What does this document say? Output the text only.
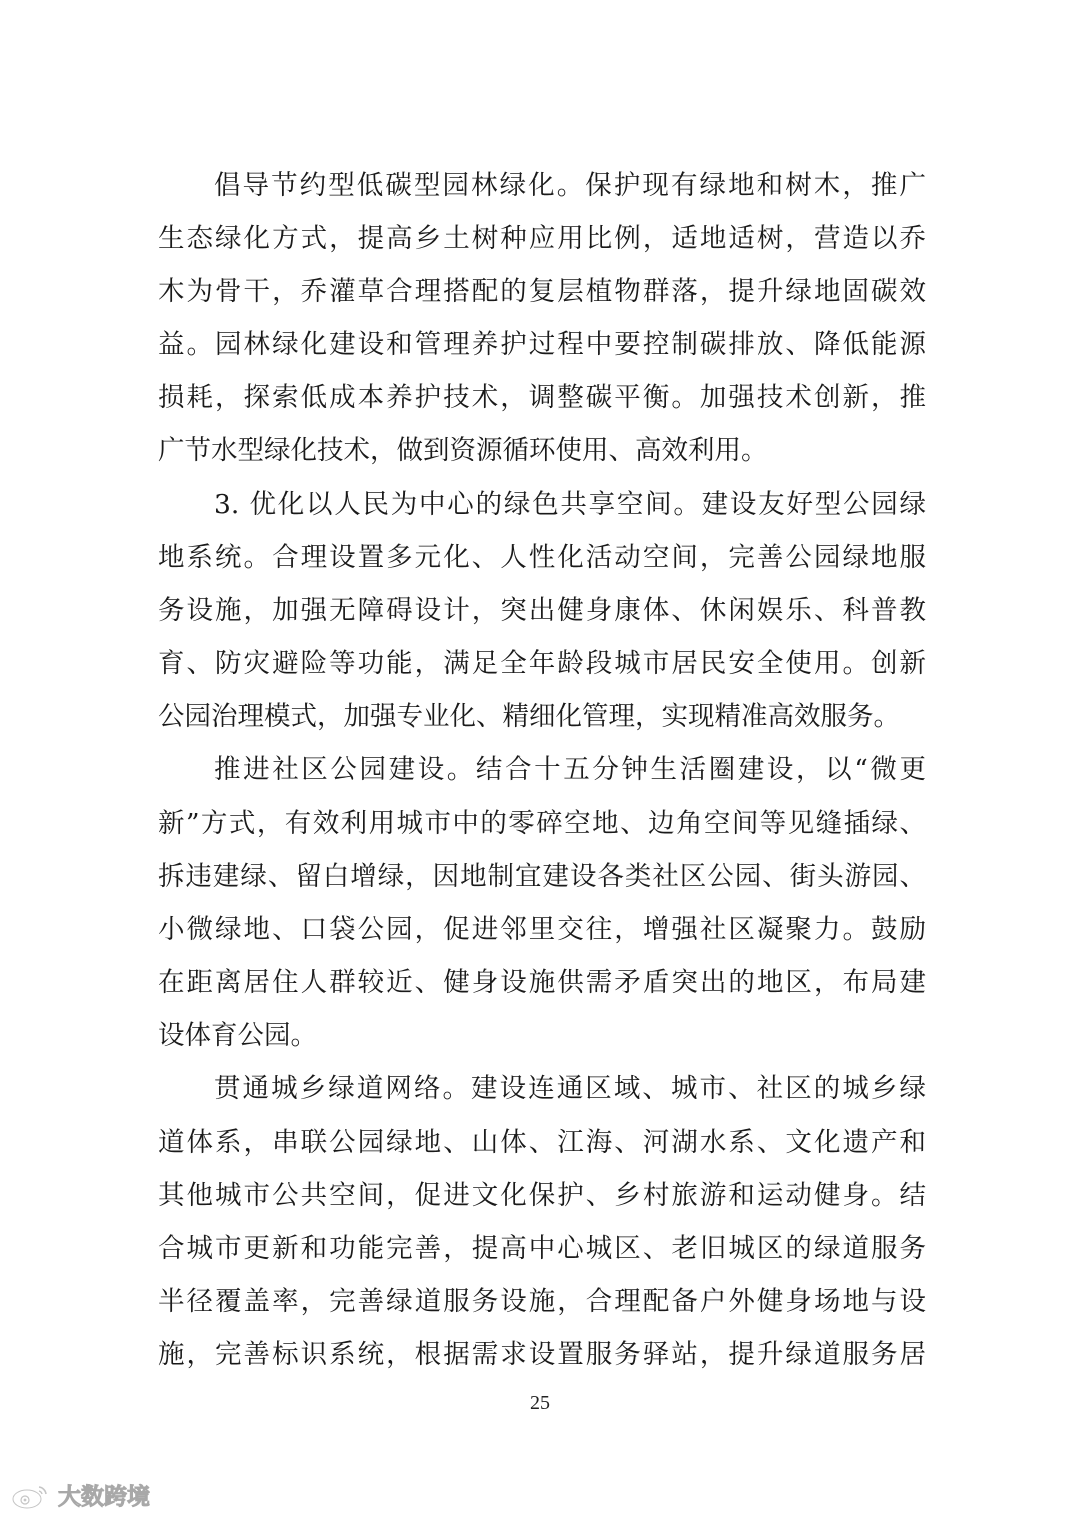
倡导节约型低碳型园林绿化。保护现有绿地和树木，推广
生态绿化方式，提高乡土树种应用比例，适地适树，营造以乔
木为骨干，乔灌草合理搭配的复层植物群落，提升绿地固碳效
益。园林绿化建设和管理养护过程中要控制碳排放、降低能源
损耗，探索低成本养护技术，调整碳平衡。加强技术创新，推
广节水型绿化技术，做到资源循环使用、高效利用。
3. 优化以人民为中心的绿色共享空间。建设友好型公园绿
地系统。合理设置多元化、人性化活动空间，完善公园绿地服
务设施，加强无障碍设计，突出健身康体、休闲娱乐、科普教
育、防灾避险等功能，满足全年龄段城市居民安全使用。创新
公园治理模式，加强专业化、精细化管理，实现精准高效服务。
推进社区公园建设。结合十五分钟生活圈建设，以“微更
新”方式，有效利用城市中的零碎空地、边角空间等见缝插绿、
拆违建绿、留白增绿，因地制宜建设各类社区公园、街头游园、
小微绿地、口袋公园，促进邻里交往，增强社区凝聚力。鼓励
在距离居住人群较近、健身设施供需矛盾突出的地区，布局建
设体育公园。
贯通城乡绿道网络。建设连通区域、城市、社区的城乡绿
道体系，串联公园绿地、山体、江海、河湖水系、文化遗产和
其他城市公共空间，促进文化保护、乡村旅游和运动健身。结
合城市更新和功能完善，提高中心城区、老旧城区的绿道服务
半径覆盖率，完善绿道服务设施，合理配备户外健身场地与设
施，完善标识系统，根据需求设置服务驿站，提升绿道服务居
25
大数跨境
